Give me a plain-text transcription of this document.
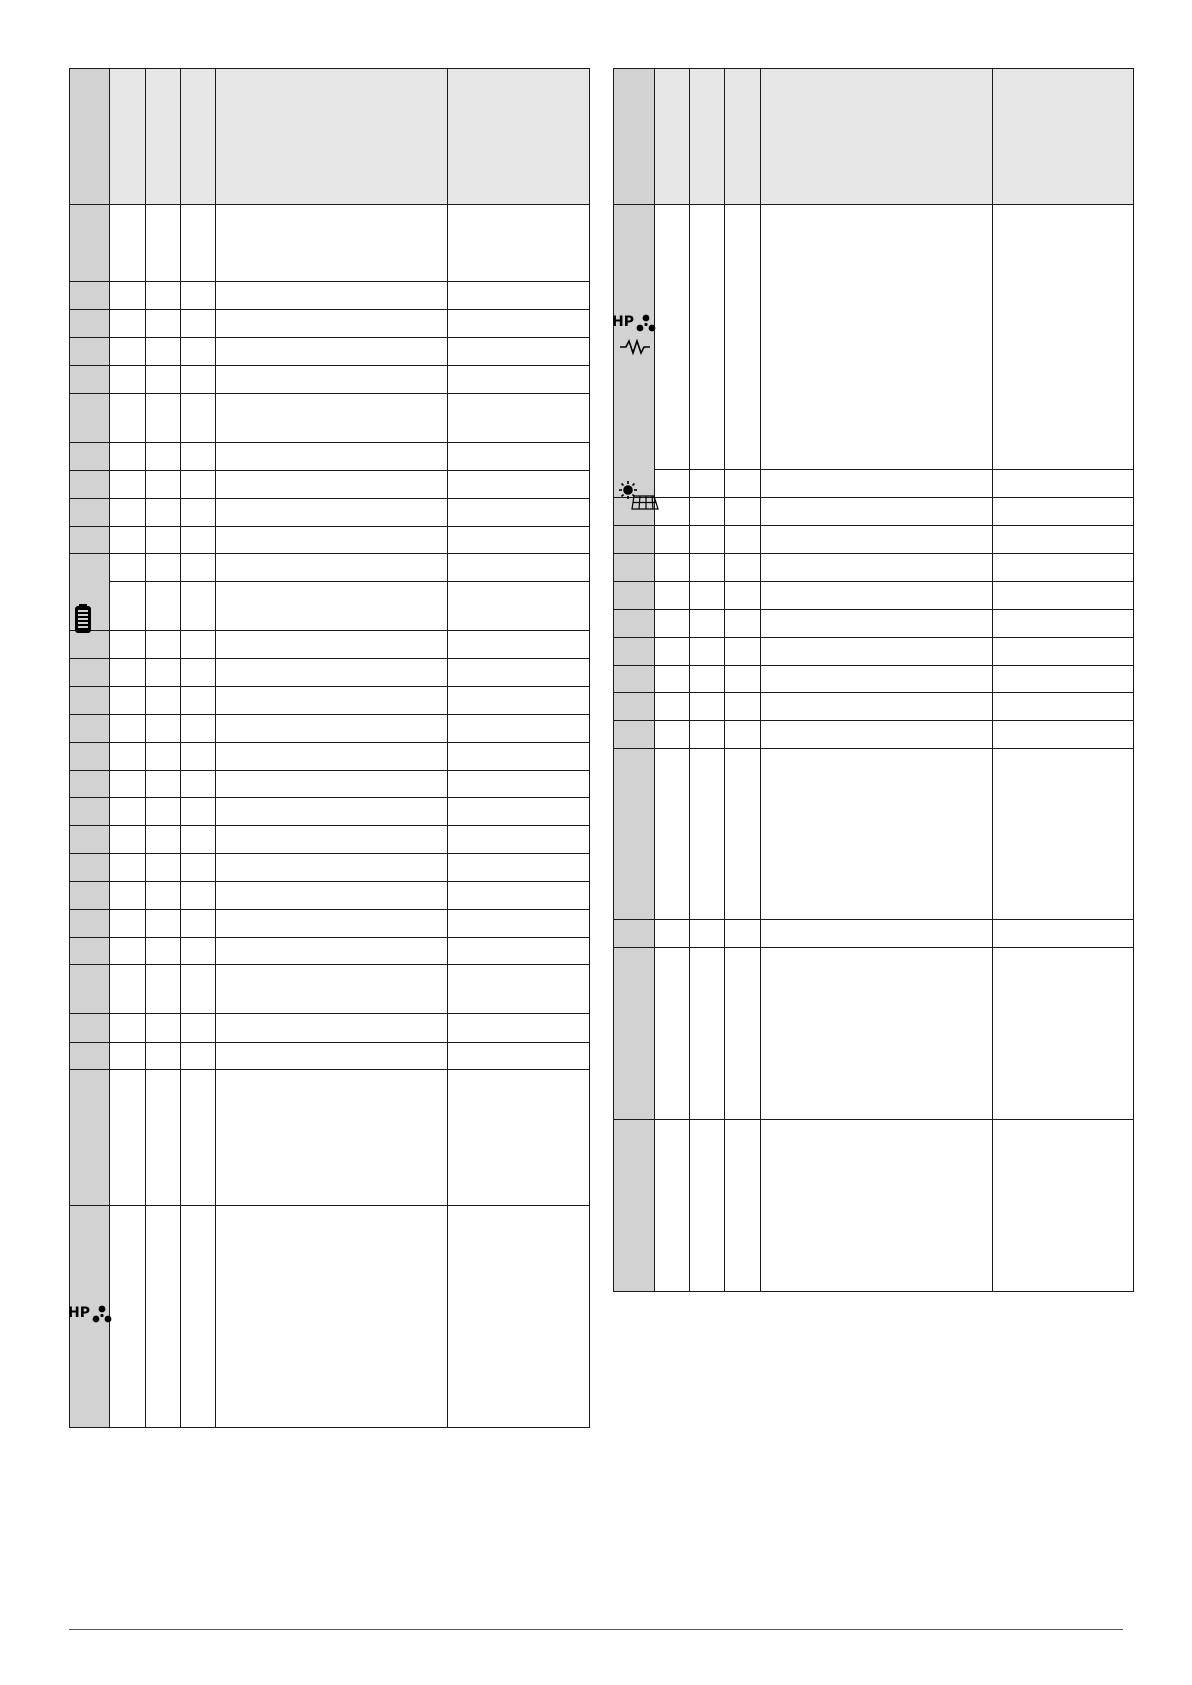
HP
HP
